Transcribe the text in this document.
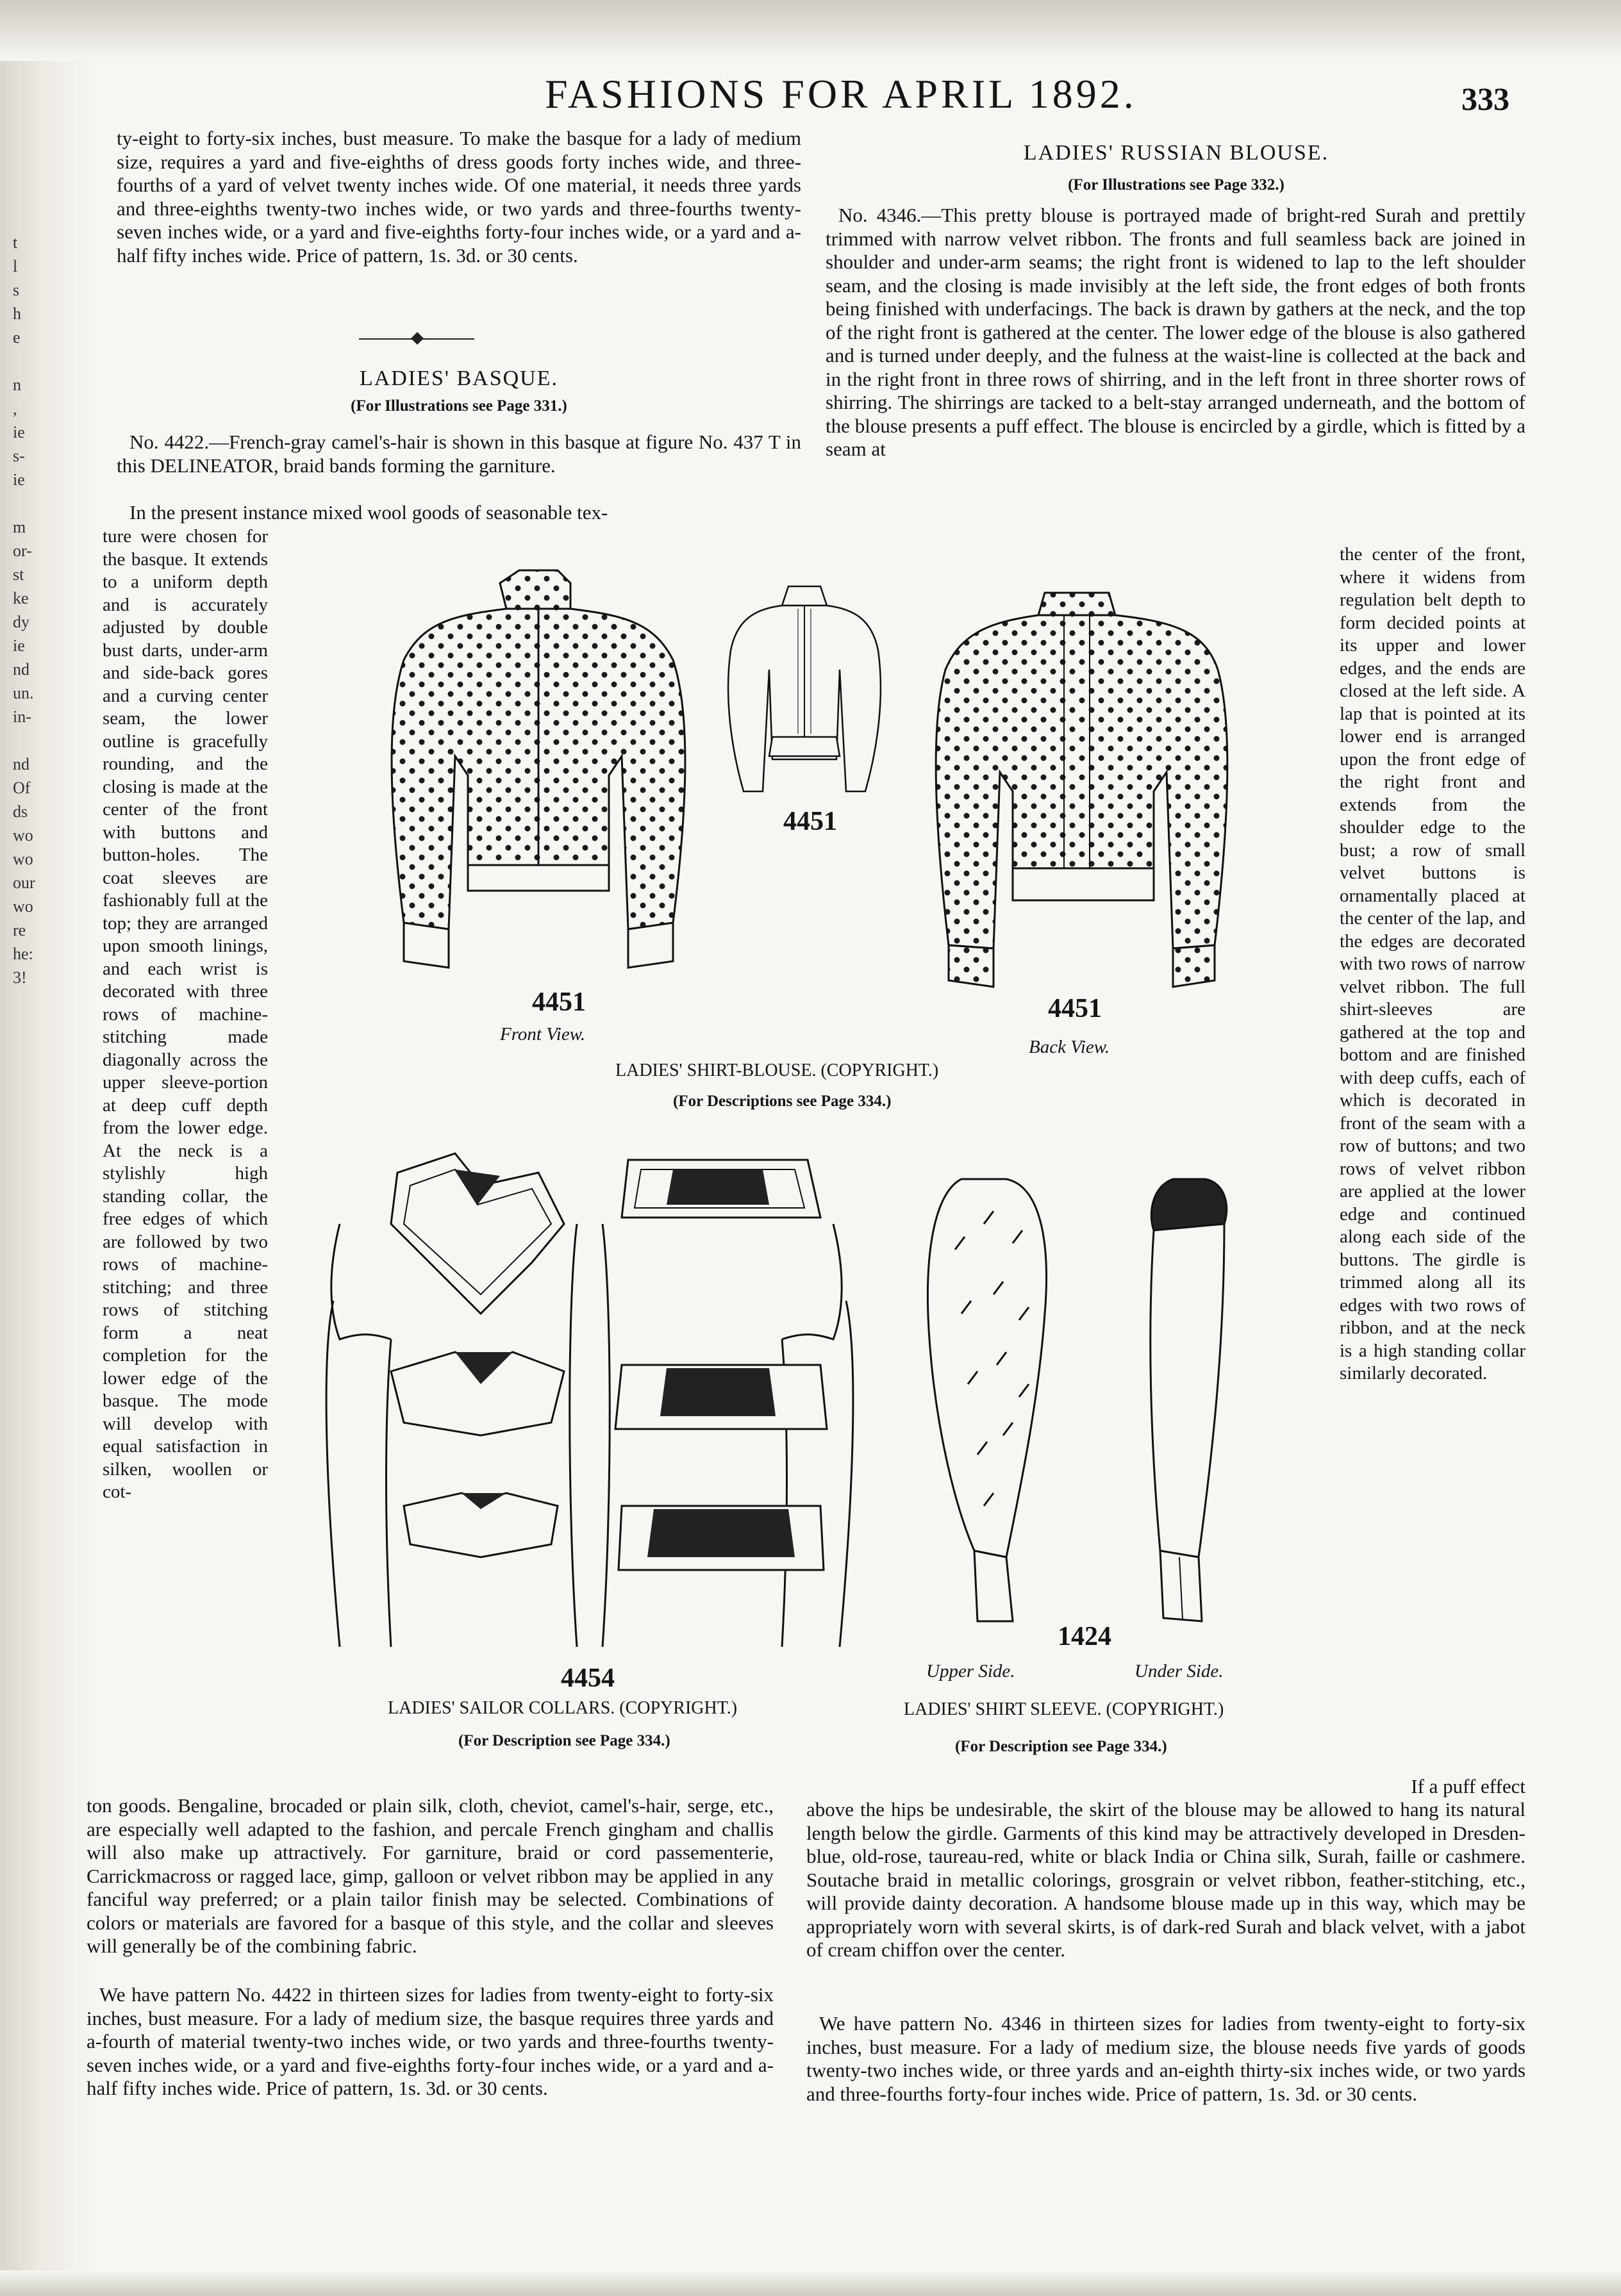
t
l
s
h
e

n
,
ie
s-
ie

m
or-
st
ke
dy
ie
nd
un.
in-

nd
Of
ds
wo
wo
our
wo
re
he:
3!
FASHIONS FOR APRIL 1892.	333
ty-eight to forty-six inches, bust measure. To make the basque for a lady of medium size, requires a yard and five-eighths of dress goods forty inches wide, and three-fourths of a yard of velvet twenty inches wide. Of one material, it needs three yards and three-eighths twenty-two inches wide, or two yards and three-fourths twenty-seven inches wide, or a yard and five-eighths forty-four inches wide, or a yard and a-half fifty inches wide. Price of pattern, 1s. 3d. or 30 cents.
LADIES' BASQUE.
(For Illustrations see Page 331.)
No. 4422.—French-gray camel's-hair is shown in this basque at figure No. 437 T in this DELINEATOR, braid bands forming the garniture.
In the present instance mixed wool goods of seasonable tex-
ture were chosen for the basque. It extends to a uniform depth and is accurately adjusted by double bust darts, under-arm and side-back gores and a curving center seam, the lower outline is gracefully rounding, and the closing is made at the center of the front with buttons and button-holes. The coat sleeves are fashionably full at the top; they are arranged upon smooth linings, and each wrist is decorated with three rows of machine-stitching made diagonally across the upper sleeve-portion at deep cuff depth from the lower edge. At the neck is a stylishly high standing collar, the free edges of which are followed by two rows of machine-stitching; and three rows of stitching form a neat completion for the lower edge of the basque. The mode will develop with equal satisfaction in silken, woollen or cot-
ton goods. Bengaline, brocaded or plain silk, cloth, cheviot, camel's-hair, serge, etc., are especially well adapted to the fashion, and percale French gingham and challis will also make up attractively. For garniture, braid or cord passementerie, Carrickmacross or ragged lace, gimp, galloon or velvet ribbon may be applied in any fanciful way preferred; or a plain tailor finish may be selected. Combinations of colors or materials are favored for a basque of this style, and the collar and sleeves will generally be of the combining fabric.
We have pattern No. 4422 in thirteen sizes for ladies from twenty-eight to forty-six inches, bust measure. For a lady of medium size, the basque requires three yards and a-fourth of material twenty-two inches wide, or two yards and three-fourths twenty-seven inches wide, or a yard and five-eighths forty-four inches wide, or a yard and a-half fifty inches wide. Price of pattern, 1s. 3d. or 30 cents.
LADIES' RUSSIAN BLOUSE.
(For Illustrations see Page 332.)
No. 4346.—This pretty blouse is portrayed made of bright-red Surah and prettily trimmed with narrow velvet ribbon. The fronts and full seamless back are joined in shoulder and under-arm seams; the right front is widened to lap to the left shoulder seam, and the closing is made invisibly at the left side, the front edges of both fronts being finished with underfacings. The back is drawn by gathers at the neck, and the top of the right front is gathered at the center. The lower edge of the blouse is also gathered and is turned under deeply, and the fulness at the waist-line is collected at the back and in the right front in three rows of shirring, and in the left front in three shorter rows of shirring. The shirrings are tacked to a belt-stay arranged underneath, and the bottom of the blouse presents a puff effect. The blouse is encircled by a girdle, which is fitted by a seam at
the center of the front, where it widens from regulation belt depth to form decided points at its upper and lower edges, and the ends are closed at the left side. A lap that is pointed at its lower end is arranged upon the front edge of the right front and extends from the shoulder edge to the bust; a row of small velvet buttons is ornamentally placed at the center of the lap, and the edges are decorated with two rows of narrow velvet ribbon. The full shirt-sleeves are gathered at the top and bottom and are finished with deep cuffs, each of which is decorated in front of the seam with a row of buttons; and two rows of velvet ribbon are applied at the lower edge and continued along each side of the buttons. The girdle is trimmed along all its edges with two rows of ribbon, and at the neck is a high standing collar similarly decorated.
If a puff effect
above the hips be undesirable, the skirt of the blouse may be allowed to hang its natural length below the girdle. Garments of this kind may be attractively developed in Dresden-blue, old-rose, taureau-red, white or black India or China silk, Surah, faille or cashmere. Soutache braid in metallic colorings, grosgrain or velvet ribbon, feather-stitching, etc., will provide dainty decoration. A handsome blouse made up in this way, which may be appropriately worn with several skirts, is of dark-red Surah and black velvet, with a jabot of cream chiffon over the center.
We have pattern No. 4346 in thirteen sizes for ladies from twenty-eight to forty-six inches, bust measure. For a lady of medium size, the blouse needs five yards of goods twenty-two inches wide, or three yards and an-eighth thirty-six inches wide, or two yards and three-fourths forty-four inches wide. Price of pattern, 1s. 3d. or 30 cents.
4451
Front View.
4451
4451
Back View.
LADIES' SHIRT-BLOUSE. (COPYRIGHT.)
(For Descriptions see Page 334.)
4454
LADIES' SAILOR COLLARS. (COPYRIGHT.)
(For Description see Page 334.)
1424
Upper Side.	Under Side.
LADIES' SHIRT SLEEVE. (COPYRIGHT.)
(For Description see Page 334.)
